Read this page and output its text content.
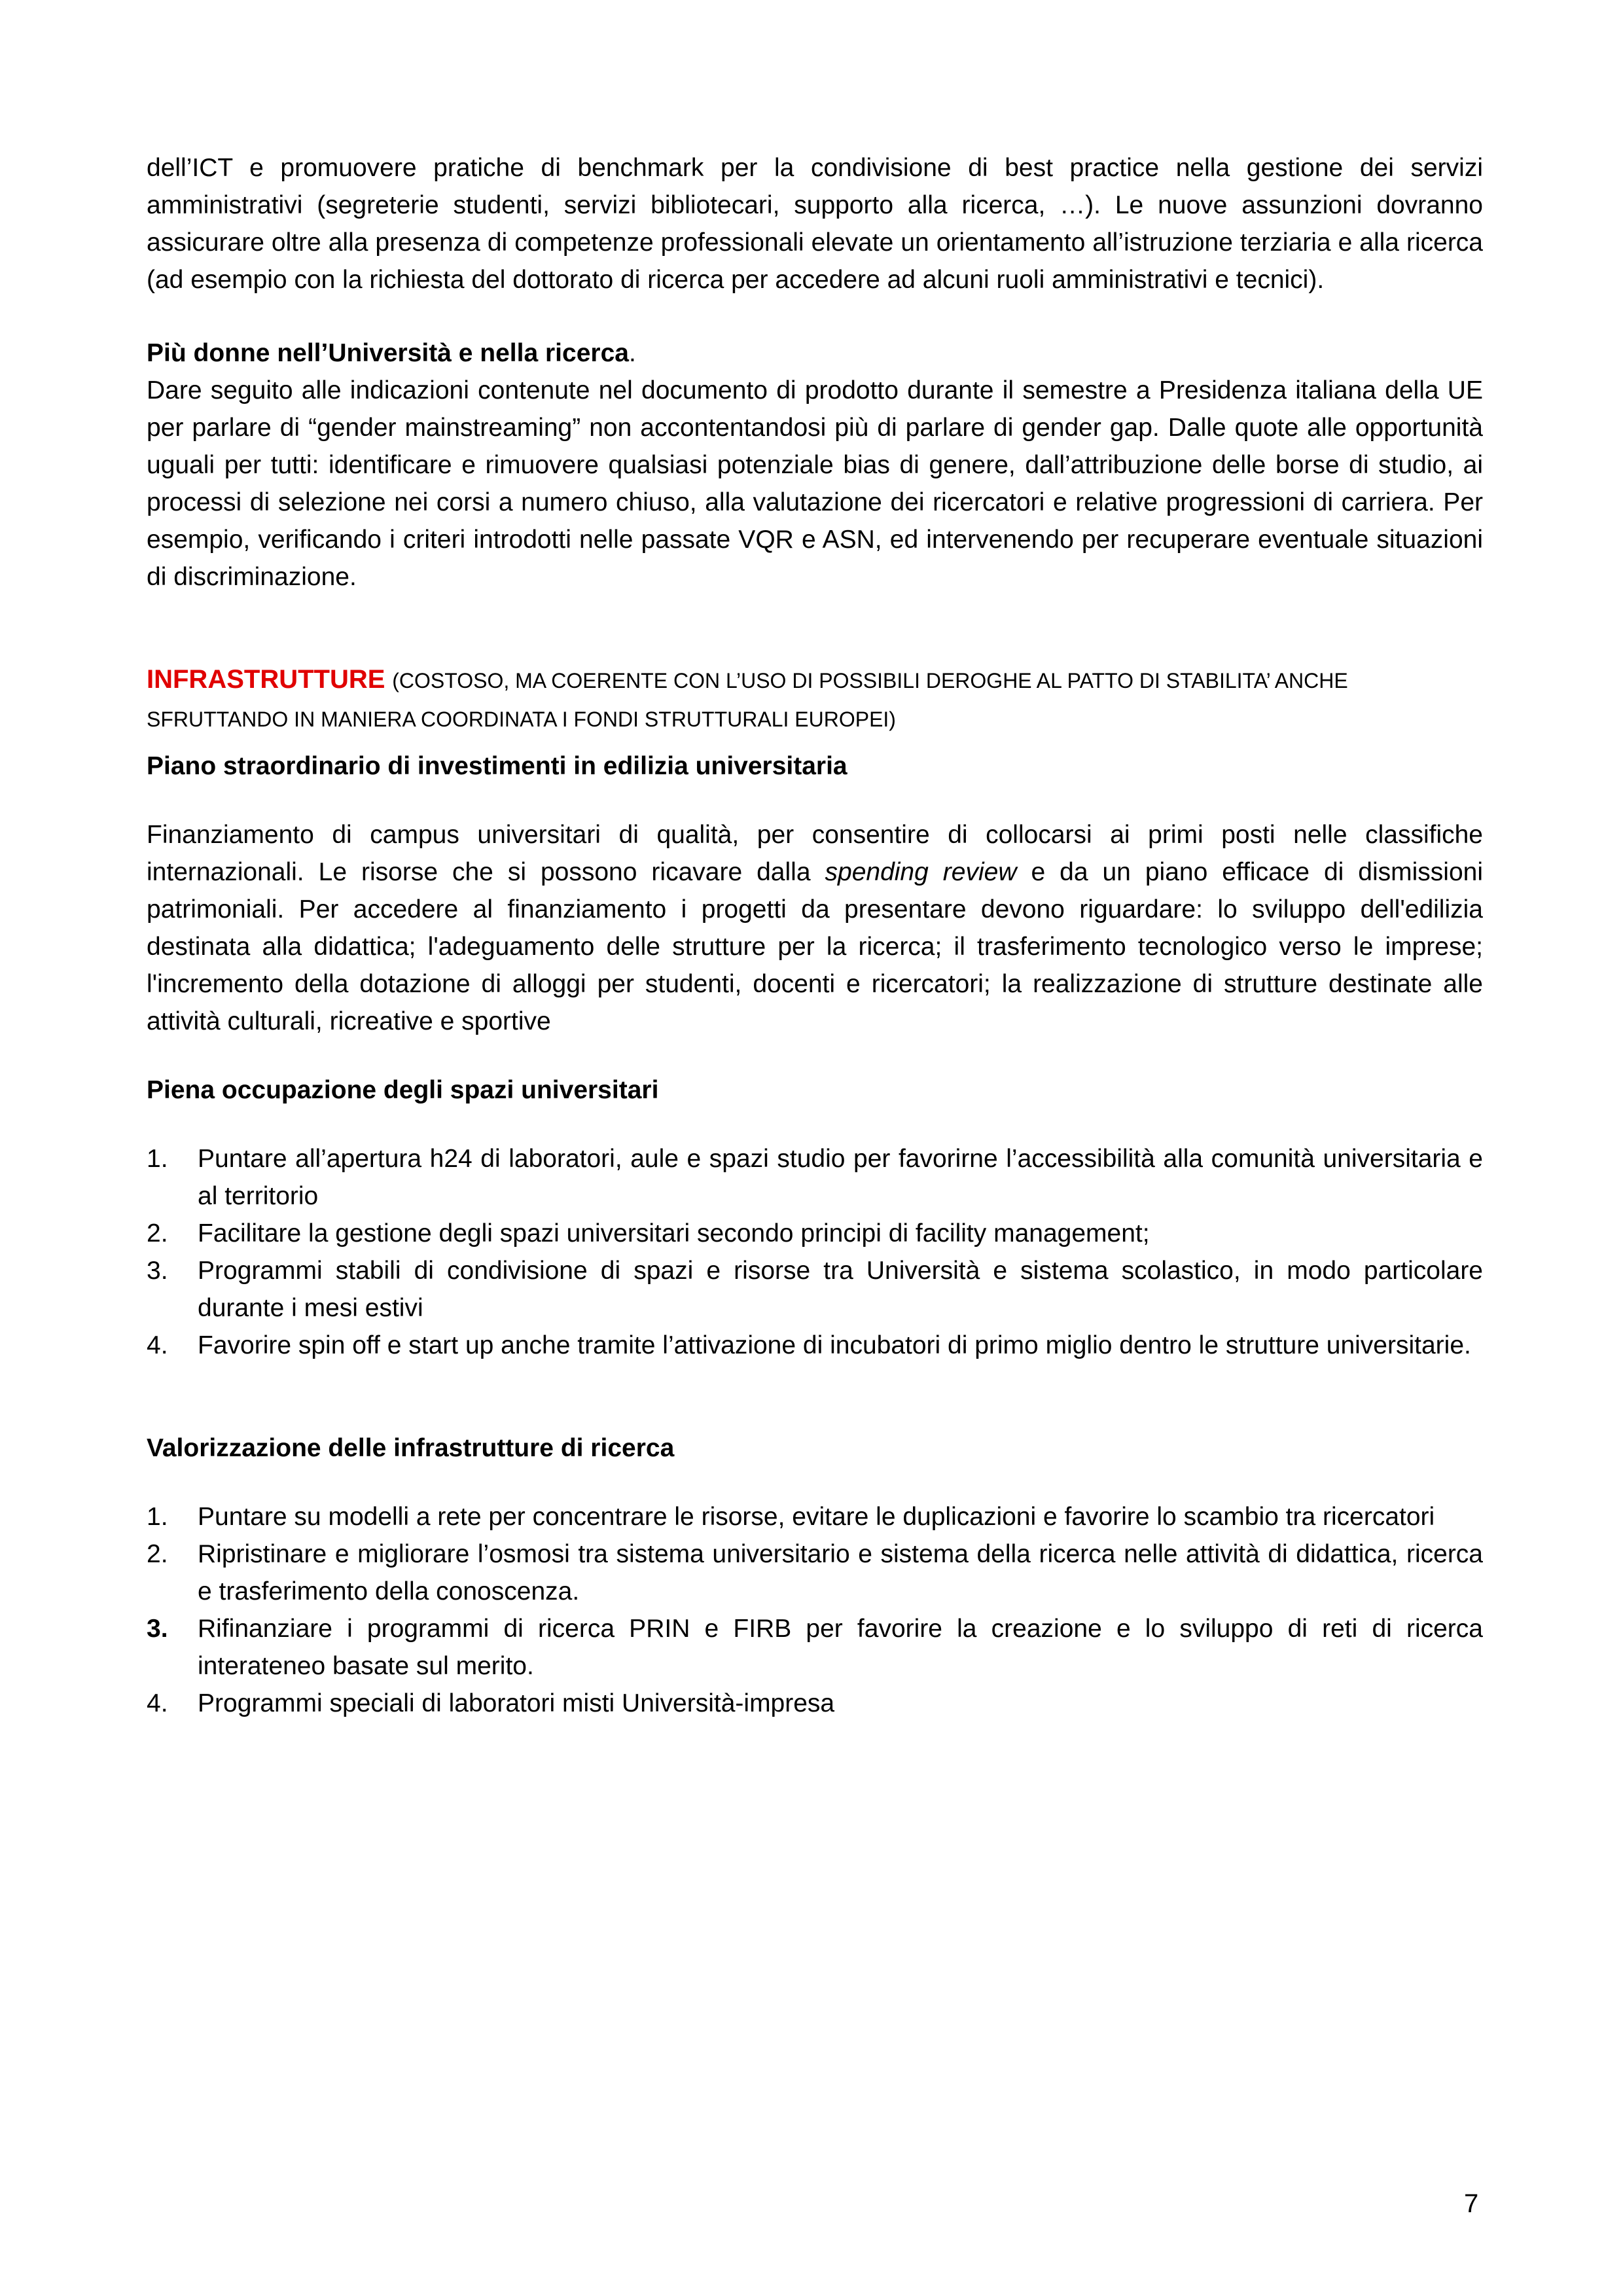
dell’ICT e promuovere pratiche di benchmark per la condivisione di best practice nella gestione dei servizi amministrativi (segreterie studenti, servizi bibliotecari, supporto alla ricerca, …). Le nuove assunzioni dovranno assicurare oltre alla presenza di competenze professionali elevate un orientamento all’istruzione terziaria e alla ricerca (ad esempio con la richiesta del dottorato di ricerca per accedere ad alcuni ruoli amministrativi e tecnici).

Più donne nell’Università e nella ricerca.

Dare seguito alle indicazioni contenute nel documento di prodotto durante il semestre a Presidenza italiana della UE per parlare di “gender mainstreaming” non accontentandosi più di parlare di gender gap. Dalle quote alle opportunità uguali per tutti: identificare e rimuovere qualsiasi potenziale bias di genere, dall’attribuzione delle borse di studio, ai processi di selezione nei corsi a numero chiuso, alla valutazione dei ricercatori e relative progressioni di carriera. Per esempio, verificando i criteri introdotti nelle passate VQR e ASN, ed intervenendo per recuperare eventuale situazioni di discriminazione.

INFRASTRUTTURE (COSTOSO, MA COERENTE CON L’USO DI POSSIBILI DEROGHE AL PATTO DI STABILITA’ ANCHE SFRUTTANDO IN MANIERA COORDINATA I FONDI STRUTTURALI EUROPEI)

Piano straordinario di investimenti in edilizia universitaria

Finanziamento di campus universitari di qualità, per consentire di collocarsi ai primi posti nelle classifiche internazionali. Le risorse che si possono ricavare dalla spending review e da un piano efficace di dismissioni patrimoniali. Per accedere al finanziamento i progetti da presentare devono riguardare: lo sviluppo dell'edilizia destinata alla didattica; l'adeguamento delle strutture per la ricerca; il trasferimento tecnologico verso le imprese; l'incremento della dotazione di alloggi per studenti, docenti e ricercatori; la realizzazione di strutture destinate alle attività culturali, ricreative e sportive

Piena occupazione degli spazi universitari

1.	Puntare all’apertura h24 di laboratori, aule e spazi studio per favorirne l’accessibilità alla comunità universitaria e al territorio
2.	Facilitare la gestione degli spazi universitari secondo principi di facility management;
3.	Programmi stabili di condivisione di spazi e risorse tra Università e sistema scolastico, in modo particolare durante i mesi estivi
4.	Favorire spin off e start up anche tramite l’attivazione di incubatori di primo miglio dentro le strutture universitarie.

Valorizzazione delle infrastrutture di ricerca

1.	Puntare su modelli a rete per concentrare le risorse, evitare le duplicazioni e favorire lo scambio tra ricercatori
2.	Ripristinare e migliorare l’osmosi tra sistema universitario e sistema della ricerca nelle attività di didattica, ricerca e trasferimento della conoscenza.
3.	Rifinanziare i programmi di ricerca PRIN e FIRB per favorire la creazione e lo sviluppo di reti di ricerca interateneo basate sul merito.
4.	Programmi speciali di laboratori misti Università-impresa
7
